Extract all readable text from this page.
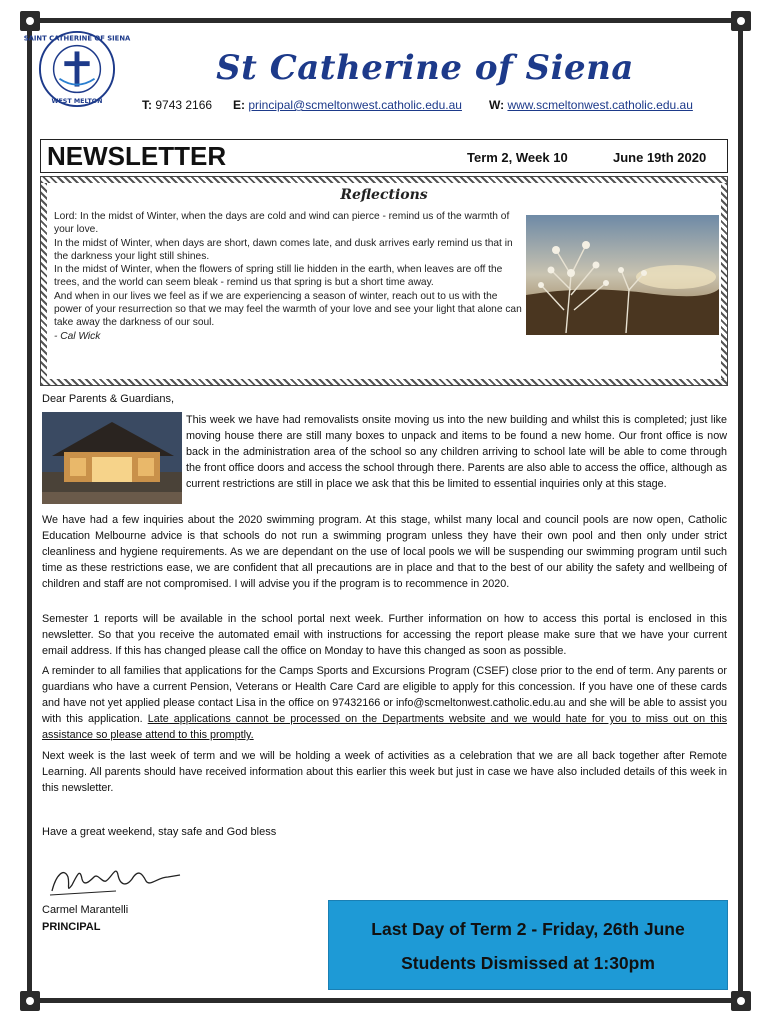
SAINT CATHERINE OF SIENA
WEST MELTON
St Catherine of Siena
T: 9743 2166 E: principal@scmeltonwest.catholic.edu.au W: www.scmeltonwest.catholic.edu.au
NEWSLETTER	Term 2, Week 10	June 19th 2020
Reflections
Lord: In the midst of Winter, when the days are cold and wind can pierce - remind us of the warmth of your love.
In the midst of Winter, when days are short, dawn comes late, and dusk arrives early remind us that in the darkness your light still shines.
In the midst of Winter, when the flowers of spring still lie hidden in the earth, when leaves are off the trees, and the world can seem bleak - remind us that spring is but a short time away.
And when in our lives we feel as if we are experiencing a season of winter, reach out to us with the power of your resurrection so that we may feel the warmth of your love and see your light that alone can take away the darkness of our soul.
- Cal Wick
Dear Parents & Guardians,
This week we have had removalists onsite moving us into the new building and whilst this is completed; just like moving house there are still many boxes to unpack and items to be found a new home. Our front office is now back in the administration area of the school so any children arriving to school late will be able to come through the front office doors and access the school through there. Parents are also able to access the office, although as current restrictions are still in place we ask that this be limited to essential inquiries only at this stage.
We have had a few inquiries about the 2020 swimming program. At this stage, whilst many local and council pools are now open, Catholic Education Melbourne advice is that schools do not run a swimming program unless they have their own pool and then only under strict cleanliness and hygiene requirements. As we are dependant on the use of local pools we will be suspending our swimming program until such time as these restrictions ease, we are confident that all precautions are in place and that to the best of our ability the safety and wellbeing of children and staff are not compromised. I will advise you if the program is to recommence in 2020.
Semester 1 reports will be available in the school portal next week. Further information on how to access this portal is enclosed in this newsletter. So that you receive the automated email with instructions for accessing the report please make sure that we have your current email address. If this has changed please call the office on Monday to have this changed as soon as possible.
A reminder to all families that applications for the Camps Sports and Excursions Program (CSEF) close prior to the end of term. Any parents or guardians who have a current Pension, Veterans or Health Care Card are eligible to apply for this concession. If you have one of these cards and have not yet applied please contact Lisa in the office on 97432166 or info@scmeltonwest.catholic.edu.au and she will be able to assist you with this application. Late applications cannot be processed on the Departments website and we would hate for you to miss out on this assistance so please attend to this promptly.
Next week is the last week of term and we will be holding a week of activities as a celebration that we are all back together after Remote Learning. All parents should have received information about this earlier this week but just in case we have also included details of this week in this newsletter.
Have a great weekend, stay safe and God bless
Carmel Marantelli
PRINCIPAL	Last Day of Term 2 - Friday, 26th June
Students Dismissed at 1:30pm
